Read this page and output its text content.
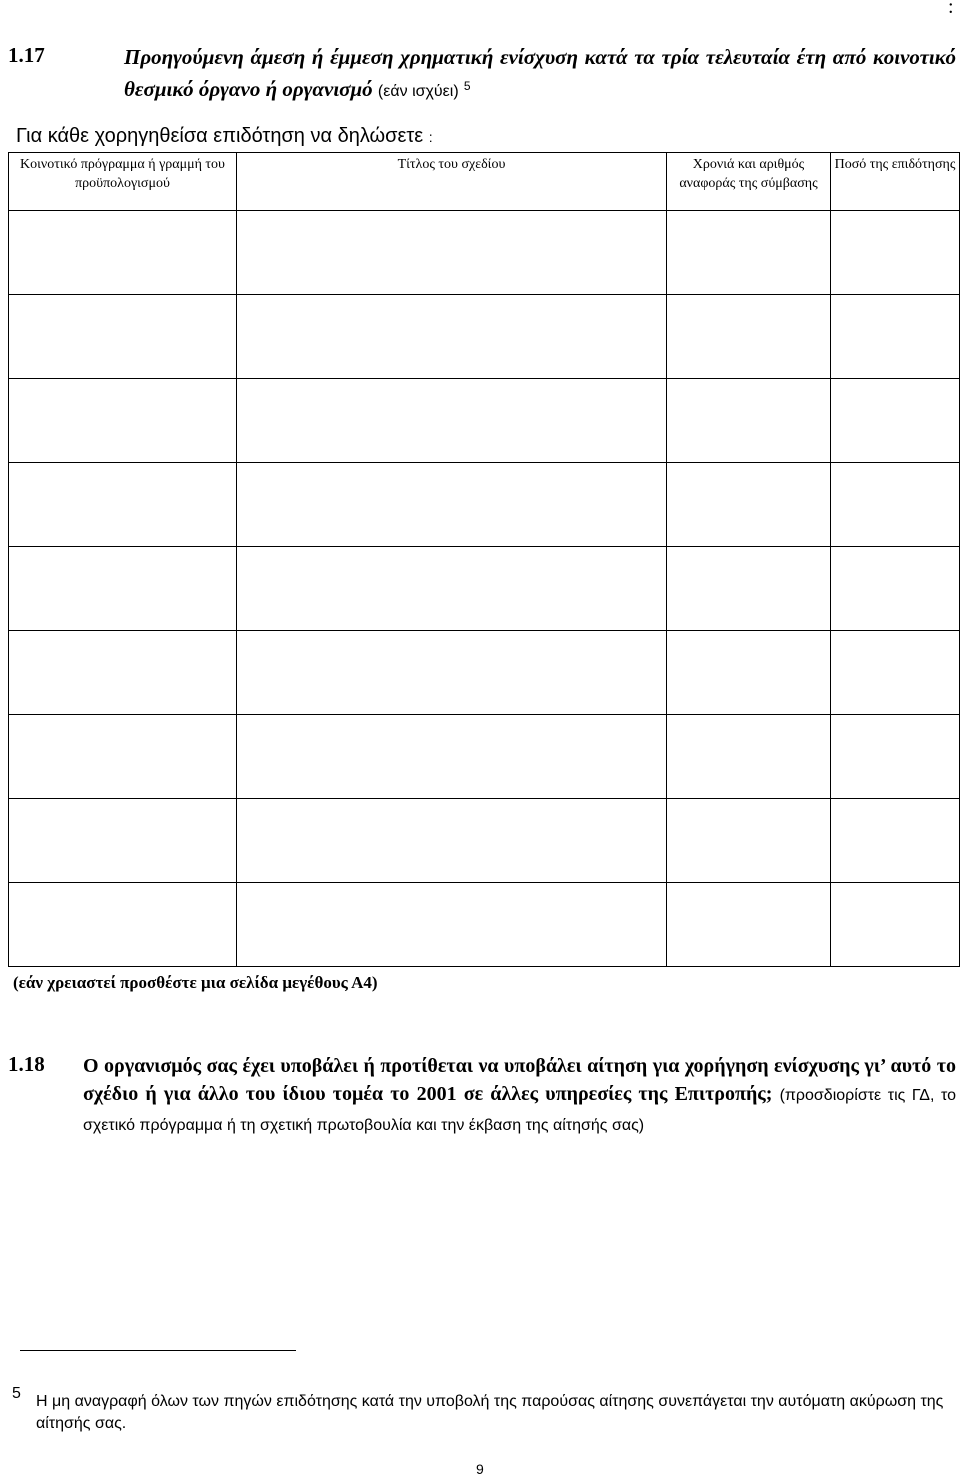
:
1.17	Προηγούμενη άμεση ή έμμεση χρηματική ενίσχυση κατά τα τρία τελευταία έτη από κοινοτικό θεσμικό όργανο ή οργανισμό (εάν ισχύει) $^5$
Για κάθε χορηγηθείσα επιδότηση να δηλώσετε :
Κοινοτικό πρόγραμμα ή γραμμή του προϋπολογισμού	Τίτλος του σχεδίου	Χρονιά και αριθμός αναφοράς της σύμβασης	Ποσό της επιδότησης

(εάν χρειαστεί προσθέστε μια σελίδα μεγέθους Α4)
1.18 Ο οργανισμός σας έχει υποβάλει ή προτίθεται να υποβάλει αίτηση για χορήγηση ενίσχυσης γι’ αυτό το σχέδιο ή για άλλο του ίδιου τομέα το 2001 σε άλλες υπηρεσίες της Επιτροπής; (προσδιορίστε τις ΓΔ, το σχετικό πρόγραμμα ή τη σχετική πρωτοβουλία και την έκβαση της αίτησής σας)
5 Η μη αναγραφή όλων των πηγών επιδότησης κατά την υποβολή της παρούσας αίτησης συνεπάγεται την αυτόματη ακύρωση της αίτησής σας.
9
